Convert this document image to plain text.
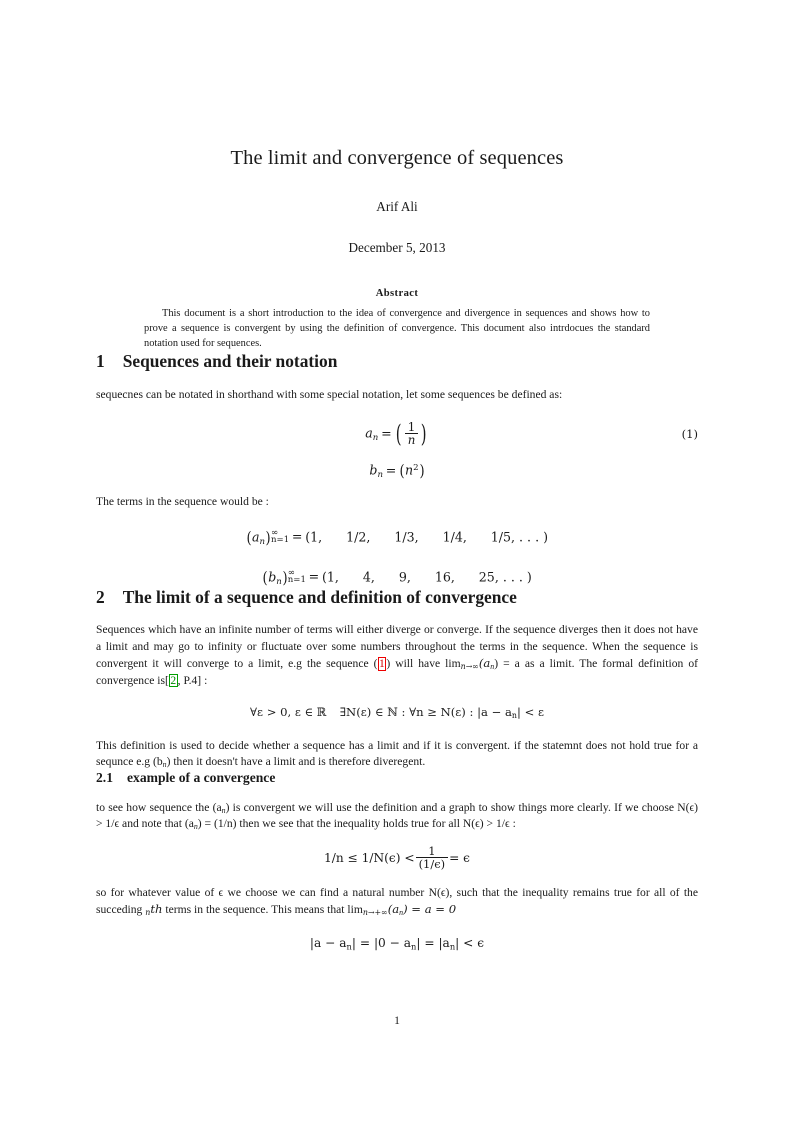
The limit and convergence of sequences
Arif Ali
December 5, 2013
Abstract
This document is a short introduction to the idea of convergence and divergence in sequences and shows how to prove a sequence is convergent by using the definition of convergence. This document also intrdocues the standard notation used for sequences.
1 Sequences and their notation

sequecnes can be notated in shorthand with some special notation, let some sequences be defined as:

$a_n$ = ( $\frac{1}{n}$ )	(1)
$b_n = (n^2)$

The terms in the sequence would be :

$(a_n)$ ∞
n=1 = (1, 1/2, 1/3, 1/4, 1/5, . . . )
$(b_n)$ ∞
n=1 = (1, 4, 9, 16, 25, . . . )
2 The limit of a sequence and definition of convergence

Sequences which have an infinite number of terms will either diverge or converge. If the sequence diverges then it does not have a limit and may go to infinity or fluctuate over some numbers throughout the terms in the sequence. When the sequence is convergent it will converge to a limit, e.g the sequence ( 1 ) will have $\lim n\to\infty(a_n) = a$ as a limit. The formal definition of convergence is[ 2 , P.4] :

∀ε > 0, ε ∈ ℝ ∃N(ε) ∈ ℕ : ∀n ≥ N(ε) : |a − an| < ε

This definition is used to decide whether a sequence has a limit and if it is convergent. if the statemnt does not hold true for a sequnce e.g $(b_n)$ then it doesn't have a limit and is therefore diveregent.

2.1 example of a convergence

to see how sequence the $(a_n)$ is convergent we will use the definition and a graph to show things more clearly. If we choose N(ϵ) > 1/ϵ and note that $(a_n) = (1/n)$ then we see that the inequality holds true for all N(ϵ) > 1/ϵ :

$1/n \le 1/N(\epsilon) < \frac{1}{(1/\epsilon)} = \epsilon$

so for whatever value of ϵ we choose we can find a natural number N(ϵ), such that the inequality remains true for all of the succeding nth terms in the sequence. This means that $\lim n\to+\infty(a_n) = a = 0$

|a − an| = |0 − an| = |an| < ϵ
1
